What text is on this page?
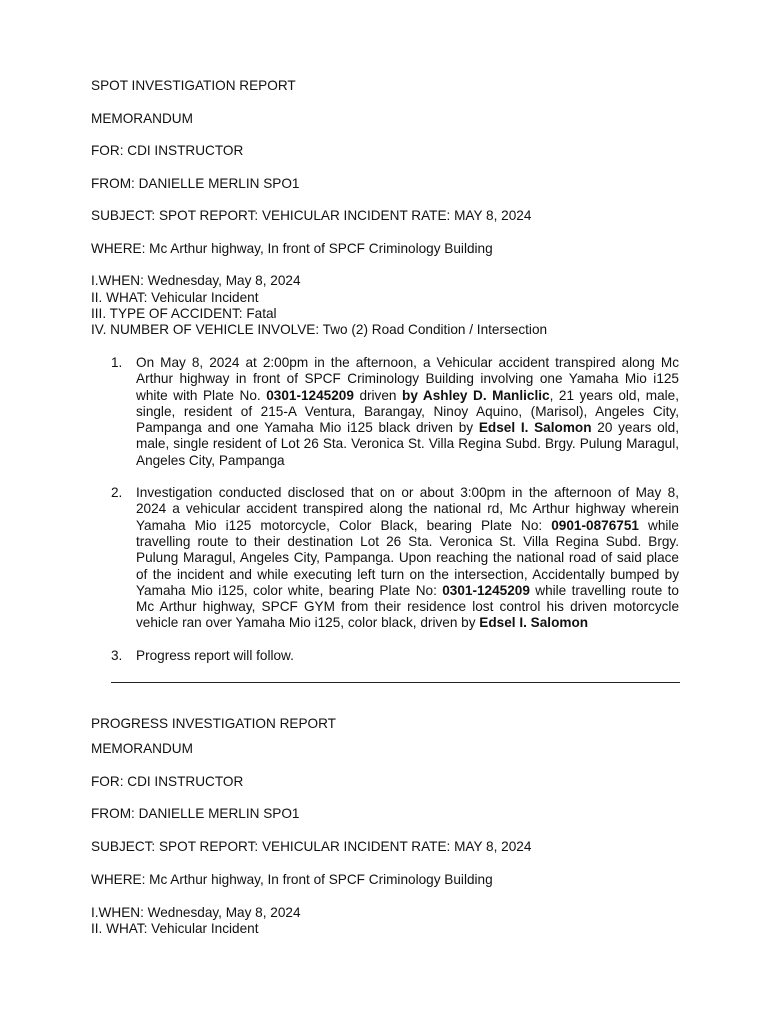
SPOT INVESTIGATION REPORT
MEMORANDUM
FOR: CDI INSTRUCTOR
FROM: DANIELLE MERLIN SPO1
SUBJECT: SPOT REPORT: VEHICULAR INCIDENT RATE: MAY 8, 2024
WHERE: Mc Arthur highway, In front of SPCF Criminology Building
I.WHEN: Wednesday, May 8, 2024
II. WHAT: Vehicular Incident
III. TYPE OF ACCIDENT: Fatal
IV. NUMBER OF VEHICLE INVOLVE: Two (2) Road Condition / Intersection
1. On May 8, 2024 at 2:00pm in the afternoon, a Vehicular accident transpired along Mc Arthur highway in front of SPCF Criminology Building involving one Yamaha Mio i125 white with Plate No. 0301-1245209 driven by Ashley D. Manliclic, 21 years old, male, single, resident of 215-A Ventura, Barangay, Ninoy Aquino, (Marisol), Angeles City, Pampanga and one Yamaha Mio i125 black driven by Edsel I. Salomon 20 years old, male, single resident of Lot 26 Sta. Veronica St. Villa Regina Subd. Brgy. Pulung Maragul, Angeles City, Pampanga
2. Investigation conducted disclosed that on or about 3:00pm in the afternoon of May 8, 2024 a vehicular accident transpired along the national rd, Mc Arthur highway wherein Yamaha Mio i125 motorcycle, Color Black, bearing Plate No: 0901-0876751 while travelling route to their destination Lot 26 Sta. Veronica St. Villa Regina Subd. Brgy. Pulung Maragul, Angeles City, Pampanga. Upon reaching the national road of said place of the incident and while executing left turn on the intersection, Accidentally bumped by Yamaha Mio i125, color white, bearing Plate No: 0301-1245209 while travelling route to Mc Arthur highway, SPCF GYM from their residence lost control his driven motorcycle vehicle ran over Yamaha Mio i125, color black, driven by Edsel I. Salomon
3. Progress report will follow.
PROGRESS INVESTIGATION REPORT
MEMORANDUM
FOR: CDI INSTRUCTOR
FROM: DANIELLE MERLIN SPO1
SUBJECT: SPOT REPORT: VEHICULAR INCIDENT RATE: MAY 8, 2024
WHERE: Mc Arthur highway, In front of SPCF Criminology Building
I.WHEN: Wednesday, May 8, 2024
II. WHAT: Vehicular Incident
